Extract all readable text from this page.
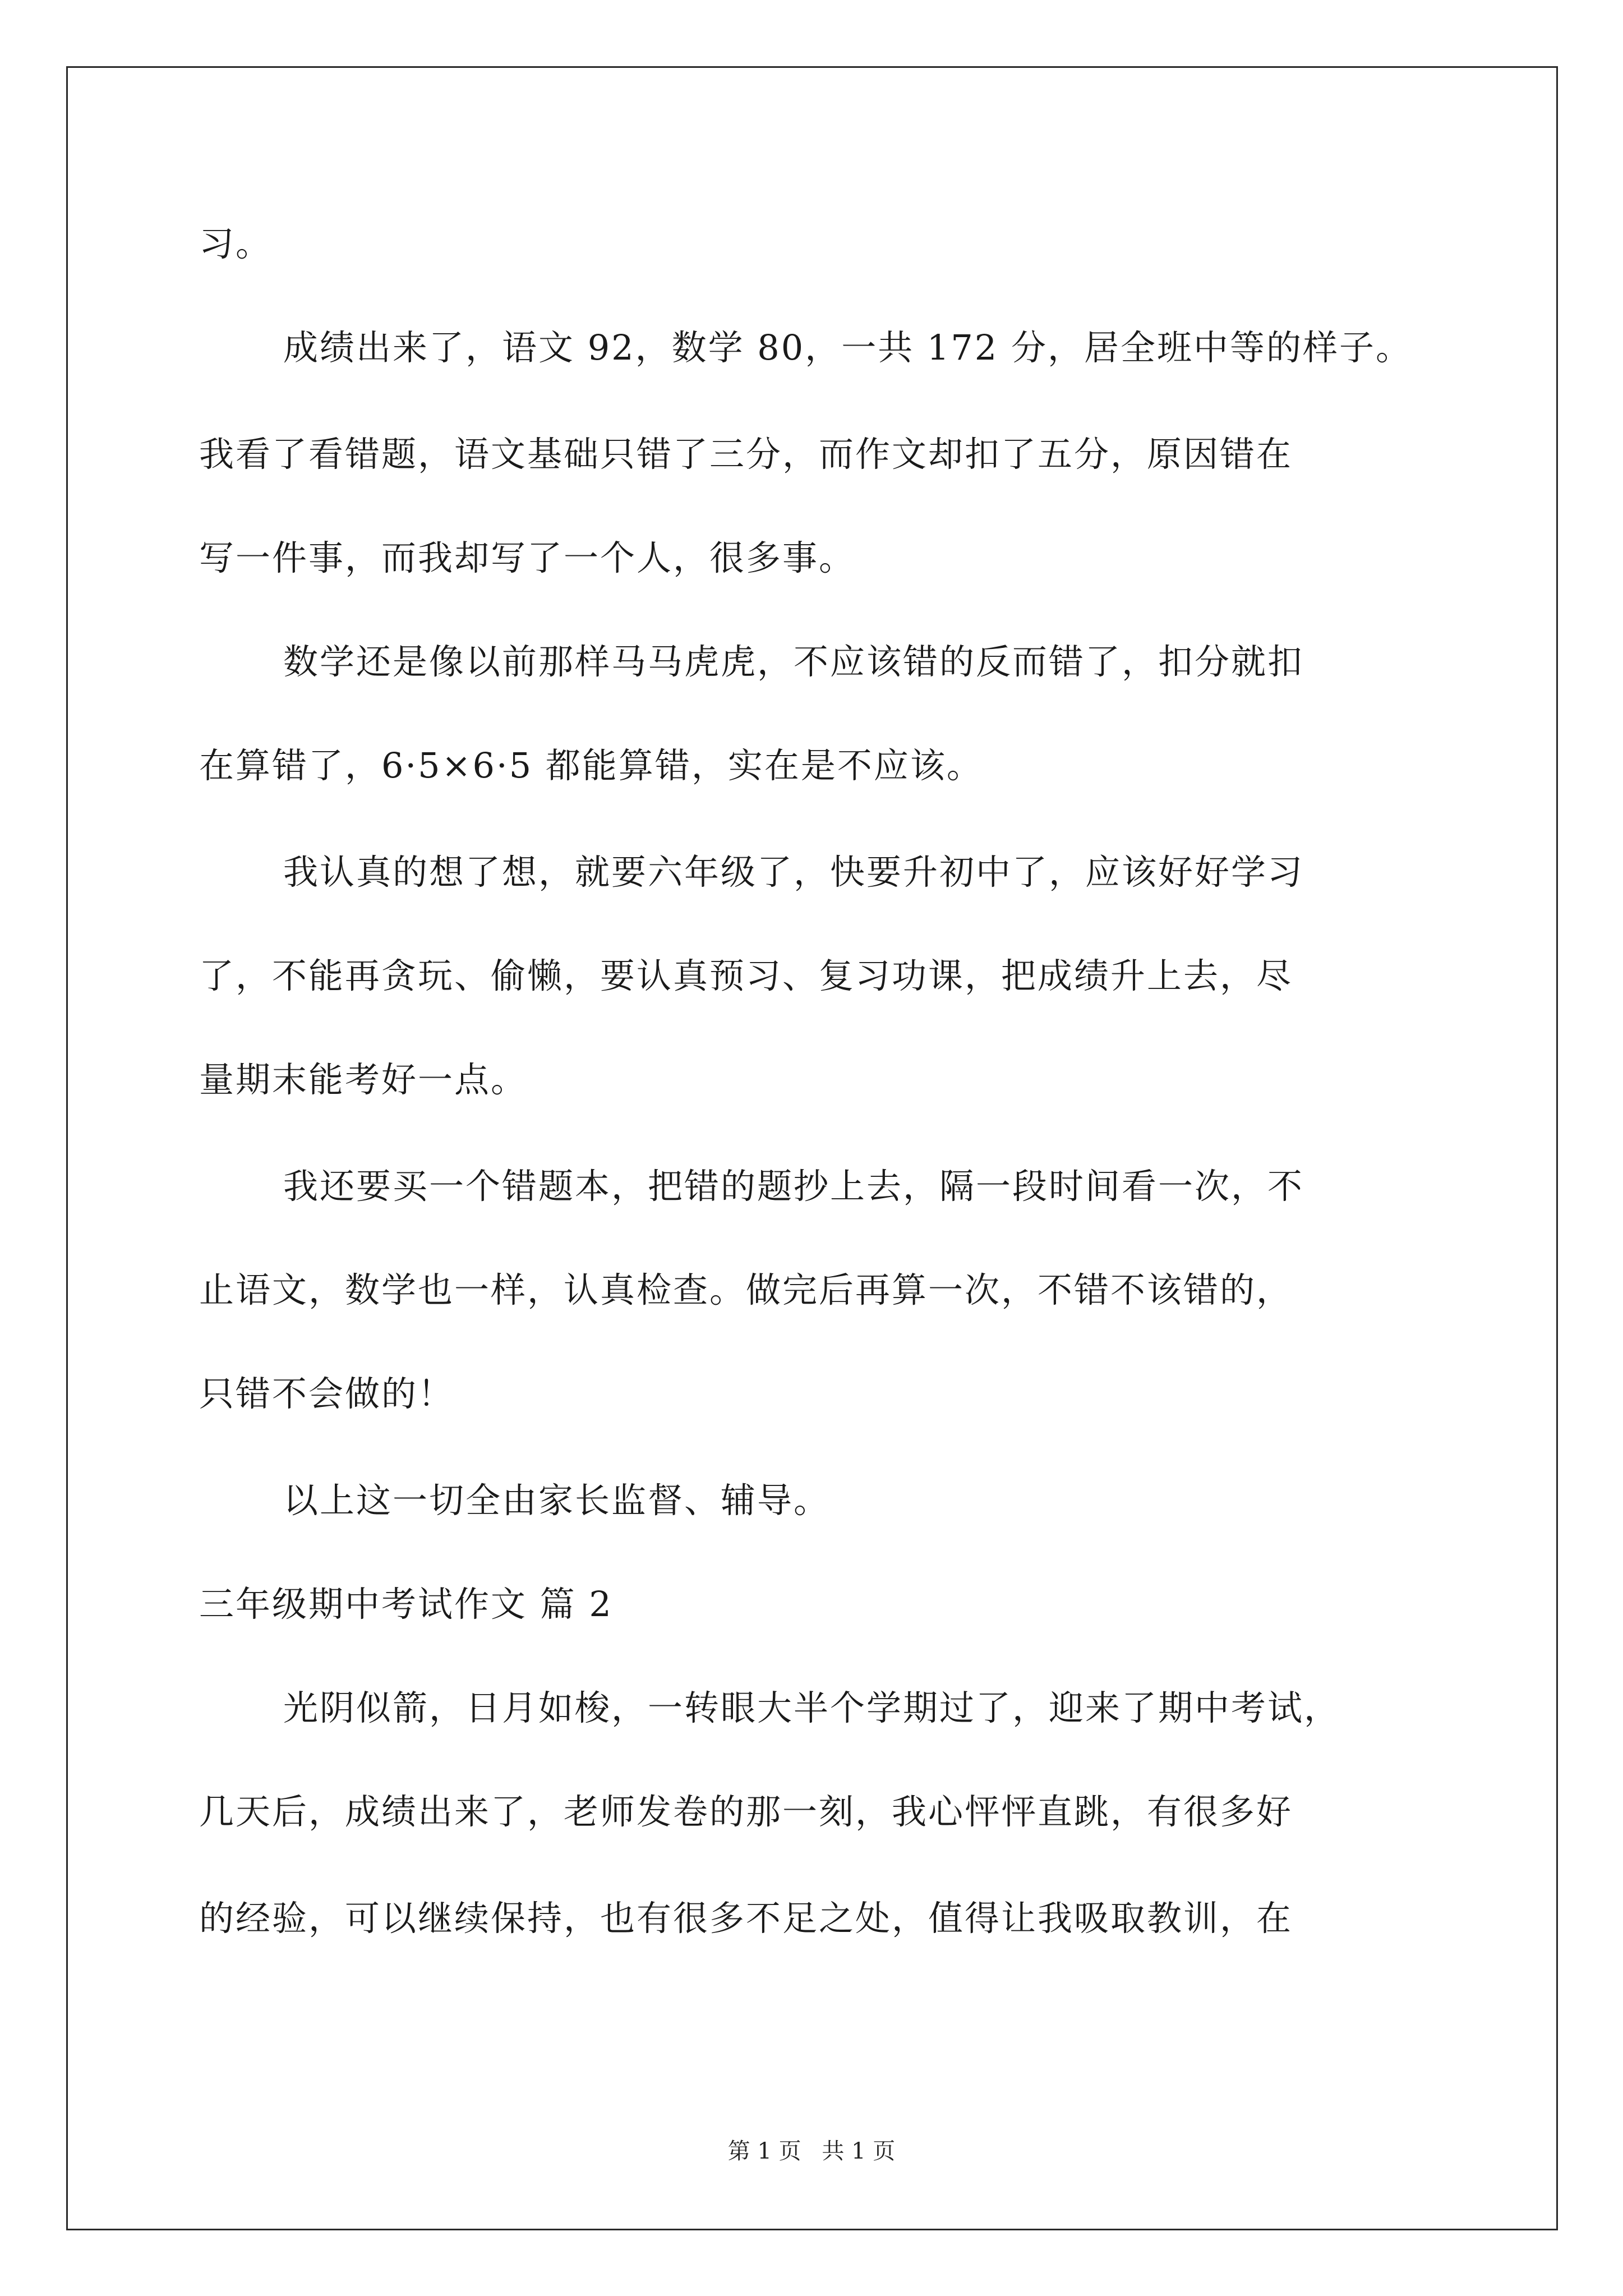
习。
成绩出来了，语文 92，数学 80，一共 172 分，居全班中等的样子。
我看了看错题，语文基础只错了三分，而作文却扣了五分，原因错在
写一件事，而我却写了一个人，很多事。
数学还是像以前那样马马虎虎，不应该错的反而错了，扣分就扣
在算错了，6·5×6·5 都能算错，实在是不应该。
我认真的想了想，就要六年级了，快要升初中了，应该好好学习
了，不能再贪玩、偷懒，要认真预习、复习功课，把成绩升上去，尽
量期末能考好一点。
我还要买一个错题本，把错的题抄上去，隔一段时间看一次，不
止语文，数学也一样，认真检查。做完后再算一次，不错不该错的，
只错不会做的！
以上这一切全由家长监督、辅导。
三年级期中考试作文 篇 2
光阴似箭，日月如梭，一转眼大半个学期过了，迎来了期中考试，
几天后，成绩出来了，老师发卷的那一刻，我心怦怦直跳，有很多好
的经验，可以继续保持，也有很多不足之处，值得让我吸取教训，在
第 1 页 共 1 页
